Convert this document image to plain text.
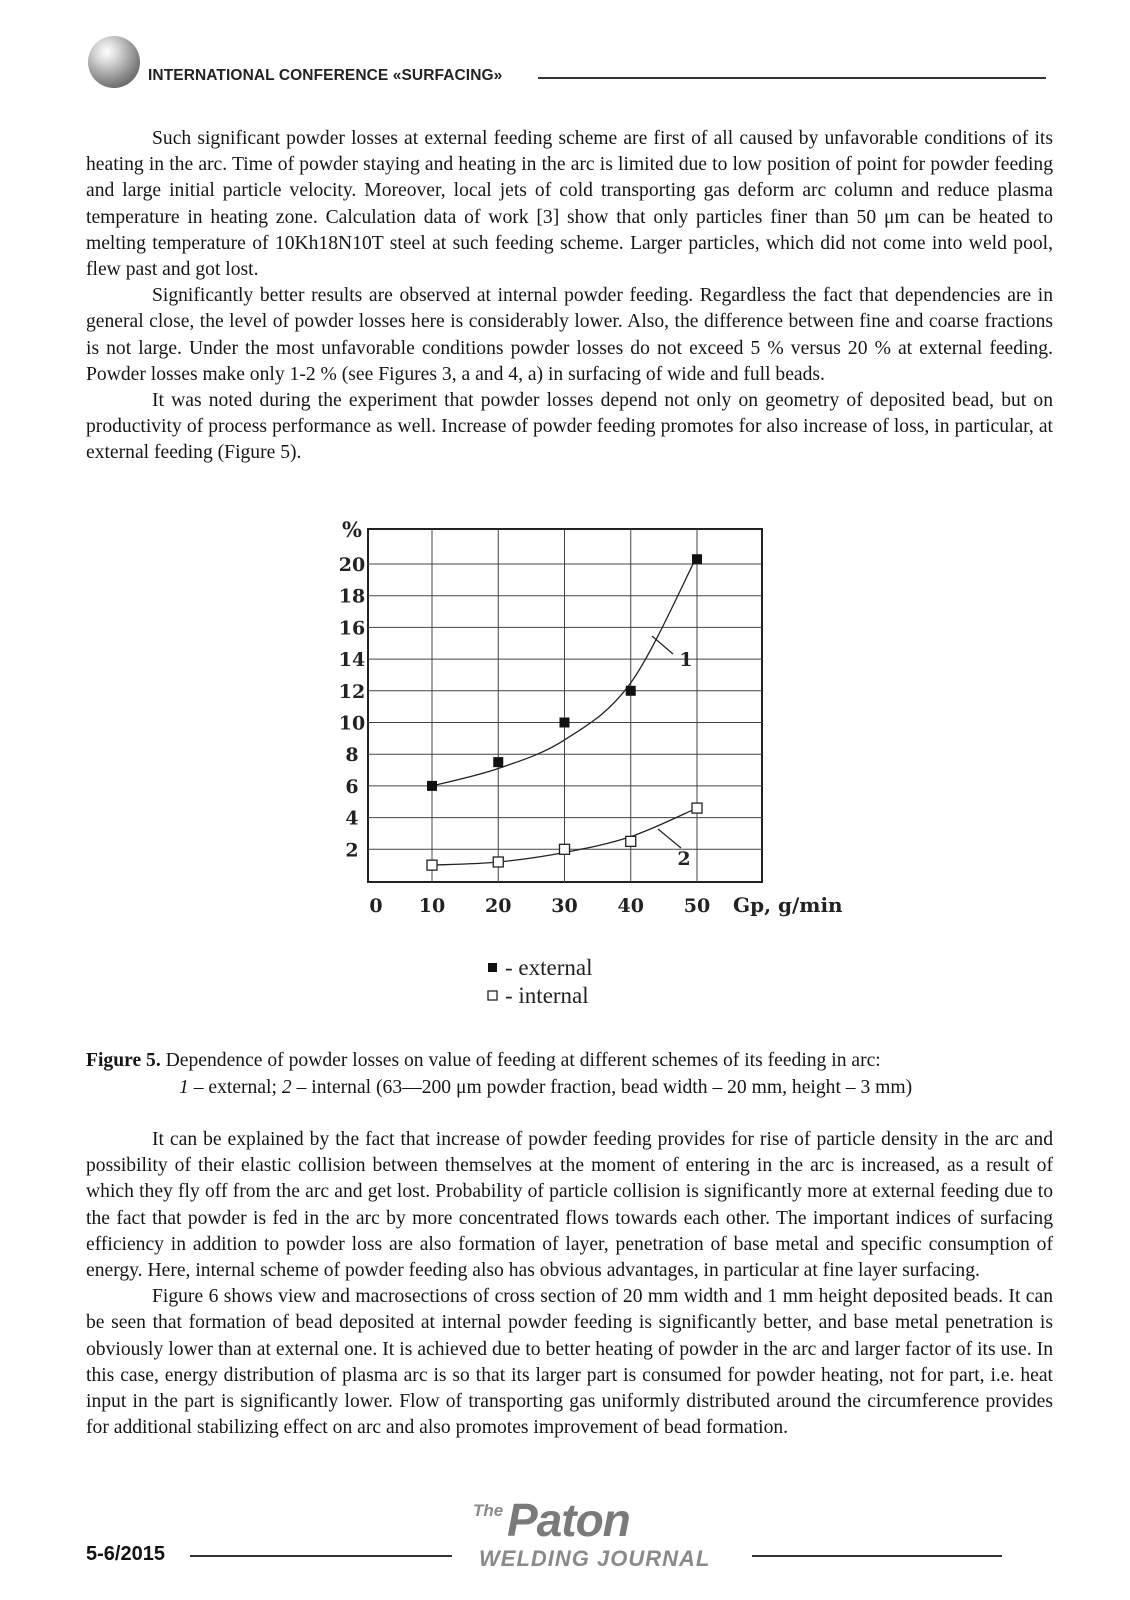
INTERNATIONAL CONFERENCE «SURFACING»

Such significant powder losses at external feeding scheme are first of all caused by unfavorable conditions of its heating in the arc. Time of powder staying and heating in the arc is limited due to low position of point for powder feeding and large initial particle velocity. Moreover, local jets of cold transporting gas deform arc column and reduce plasma temperature in heating zone. Calculation data of work [3] show that only particles finer than 50 μm can be heated to melting temperature of 10Kh18N10T steel at such feeding scheme. Larger particles, which did not come into weld pool, flew past and got lost.

Significantly better results are observed at internal powder feeding. Regardless the fact that dependencies are in general close, the level of powder losses here is considerably lower. Also, the difference between fine and coarse fractions is not large. Under the most unfavorable conditions powder losses do not exceed 5 % versus 20 % at external feeding. Powder losses make only 1-2 % (see Figures 3, a and 4, a) in surfacing of wide and full beads.

It was noted during the experiment that powder losses depend not only on geometry of deposited bead, but on productivity of process performance as well. Increase of powder feeding promotes for also increase of loss, in particular, at external feeding (Figure 5).

2
4
6
8
10
12
14
16
18
20
%
0 10 20 30 40 50 Gp, g/min
1
2
- external
- internal
Figure 5. Dependence of powder losses on value of feeding at different schemes of its feeding in arc:
1 – external; 2 – internal (63—200 μm powder fraction, bead width – 20 mm, height – 3 mm)

It can be explained by the fact that increase of powder feeding provides for rise of particle density in the arc and possibility of their elastic collision between themselves at the moment of entering in the arc is increased, as a result of which they fly off from the arc and get lost. Probability of particle collision is significantly more at external feeding due to the fact that powder is fed in the arc by more concentrated flows towards each other. The important indices of surfacing efficiency in addition to powder loss are also formation of layer, penetration of base metal and specific consumption of energy. Here, internal scheme of powder feeding also has obvious advantages, in particular at fine layer surfacing.

Figure 6 shows view and macrosections of cross section of 20 mm width and 1 mm height deposited beads. It can be seen that formation of bead deposited at internal powder feeding is significantly better, and base metal penetration is obviously lower than at external one. It is achieved due to better heating of powder in the arc and larger factor of its use. In this case, energy distribution of plasma arc is so that its larger part is consumed for powder heating, not for part, i.e. heat input in the part is significantly lower. Flow of transporting gas uniformly distributed around the circumference provides for additional stabilizing effect on arc and also promotes improvement of bead formation.

5-6/2015
The Paton
WELDING JOURNAL
